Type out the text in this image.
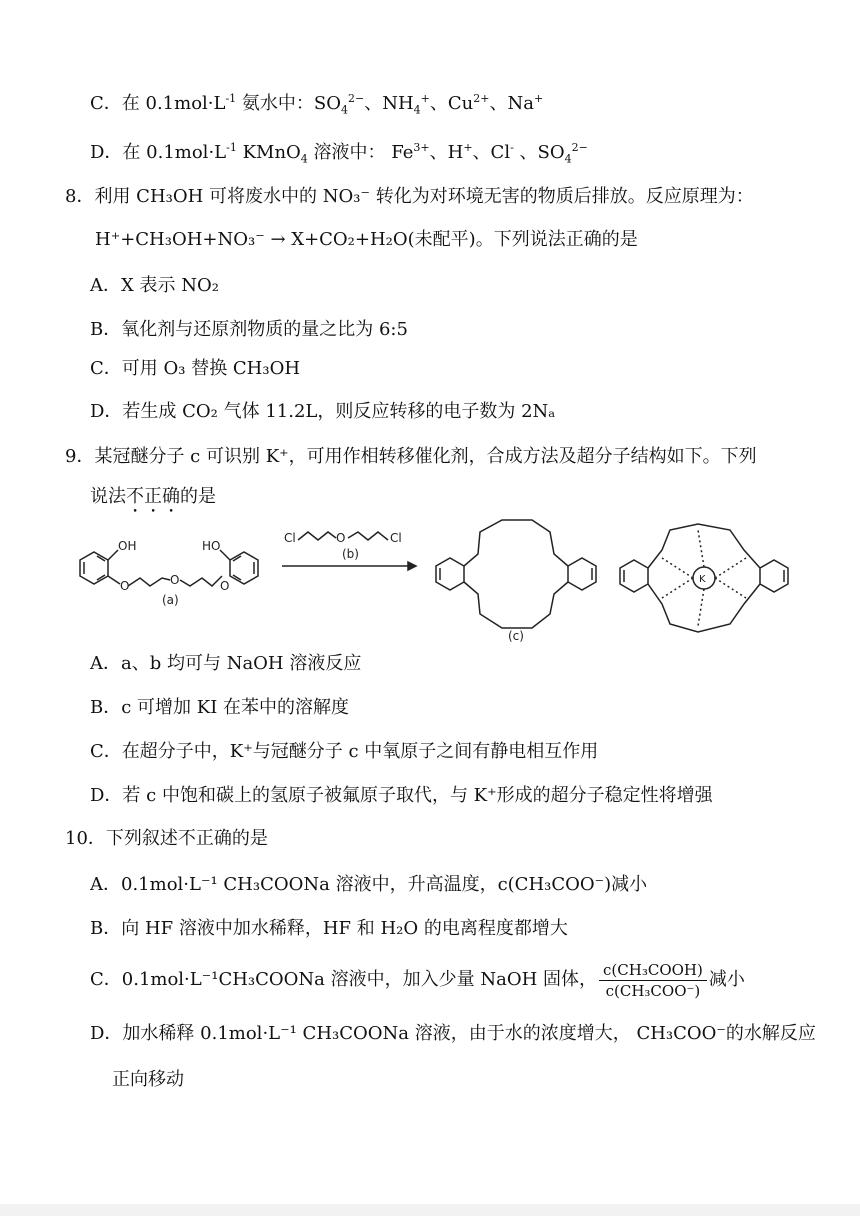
C．在 $0.1mol\cdot L^{-1}$ 氨水中：$SO_4^{2-}$、$NH_4^+$、$Cu^{2+}$、Na+
D．在 $0.1mol\cdot L^{-1}$ KMnO$_4$ 溶液中： $Fe^{3+}$、H+、Cl- 、$SO_4^{2-}$
8．利用 CH₃OH 可将废水中的 NO₃⁻ 转化为对环境无害的物质后排放。反应原理为：
H⁺+CH₃OH+NO₃⁻ → X+CO₂+H₂O(未配平)。下列说法正确的是
A．X 表示 NO₂
B．氧化剂与还原剂物质的量之比为 6:5
C．可用 O₃ 替换 CH₃OH
D．若生成 CO₂ 气体 11.2L，则反应转移的电子数为 2Nₐ
9．某冠醚分子 c 可识别 K⁺，可用作相转移催化剂，合成方法及超分子结构如下。下列
说法不正确的是
OH	HO
O	O	O
(a)
Cl	O	Cl
(b)
(c)
K
A．a、b 均可与 NaOH 溶液反应
B．c 可增加 KI 在苯中的溶解度
C．在超分子中，K⁺与冠醚分子 c 中氧原子之间有静电相互作用
D．若 c 中饱和碳上的氢原子被氟原子取代，与 K⁺形成的超分子稳定性将增强
10．下列叙述不正确的是
A．0.1mol·L⁻¹ CH₃COONa 溶液中，升高温度，c(CH₃COO⁻)减小
B．向 HF 溶液中加水稀释，HF 和 H₂O 的电离程度都增大
C．0.1mol·L⁻¹CH₃COONa 溶液中，加入少量 NaOH 固体， $\frac{\text{c(CH₃COOH)}}{\text{c(CH₃COO⁻)}}$ 减小
D．加水稀释 0.1mol·L⁻¹ CH₃COONa 溶液，由于水的浓度增大， CH₃COO⁻的水解反应
正向移动
